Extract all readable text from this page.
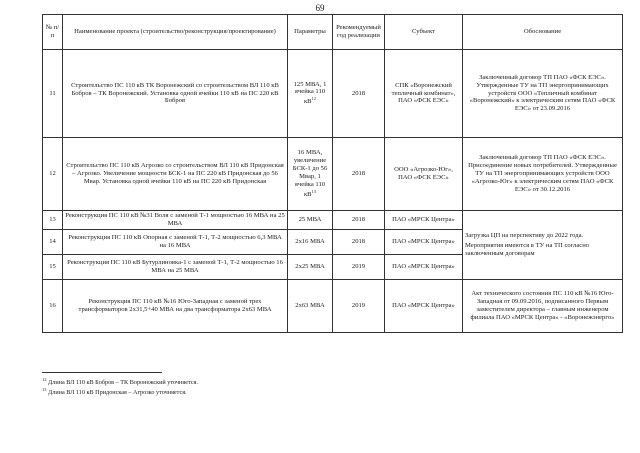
69
№ п/п	Наименование проекта (строительство/реконструкция/проектирование)	Параметры	Рекомендуемый год реализации	Субъект	Обоснование
11	Строительство ПС 110 кВ ТК Воронежский со строительством ВЛ 110 кВ Бобров – ТК Воронежский. Установка одной ячейки 110 кВ на ПС 220 кВ Бобров	125 МВА, 1 ячейка 110 $кВ^{12}$	2018	СПК «Воронежский тепличный комбинат», ПАО «ФСК ЕЭС»	Заключенный договор ТП ПАО «ФСК ЕЭС». Утвержденные ТУ на ТП энергопринимающих устройств ООО «Тепличный комбинат «Воронежский» к электрическим сетям ПАО «ФСК ЕЭС» от 23.09.2016
12	Строительство ПС 110 кВ Агрозко со строительством ВЛ 110 кВ Придонская – Агрозко. Увеличение мощности БСК-1 на ПС 220 кВ Придонская до 56 Мвар. Установка одной ячейки 110 кВ на ПС 220 кВ Придонская	16 МВА, увеличение БСК-1 до 56 Мвар, 1 ячейка 110 $кВ^{13}$	2018	ООО «Агрозко-Юг», ПАО «ФСК ЕЭС»	Заключенный договор ТП ПАО «ФСК ЕЭС». Присоединение новых потребителей. Утвержденные ТУ на ТП энергопринимающих устройств ООО «Агрозко-Юг» к электрическим сетям ПАО «ФСК ЕЭС» от 30.12.2016
13	Реконструкция ПС 110 кВ №31 Воля с заменой Т-1 мощностью 16 МВА на 25 МВА	25 МВА	2018	ПАО «МРСК Центра»	Загрузка ЦП на перспективу до 2022 года.
Мероприятия имеются в ТУ на ТП согласно заключенным договорам

14	Реконструкция ПС 110 кВ Опорная с заменой Т-1, Т-2 мощностью 6,3 МВА на 16 МВА	2х16 МВА	2018	ПАО «МРСК Центра»	
15	Реконструкция ПС 110 кВ Бутурлиновка-1 с заменой Т-1, Т-2 мощностью 16 МВА на 25 МВА	2х25 МВА	2019	ПАО «МРСК Центра»	
16	Реконструкция ПС 110 кВ №16 Юго-Западная с заменой трех трансформаторов 2х31,5+40 МВА на два трансформатора 2х63 МВА	2х63 МВА	2019	ПАО «МРСК Центра»	Акт технического состояния ПС 110 кВ №16 Юго-Западная от 09.09.2016, подписанного Первым заместителем директора – главным инженером филиала ПАО «МРСК Центра» - «Воронежэнерго»
$^{12}$ Длина ВЛ 110 кВ Бобров – ТК Воронежский уточняется.
$^{13}$ Длина ВЛ 110 кВ Придонская – Агрозко уточняется.
